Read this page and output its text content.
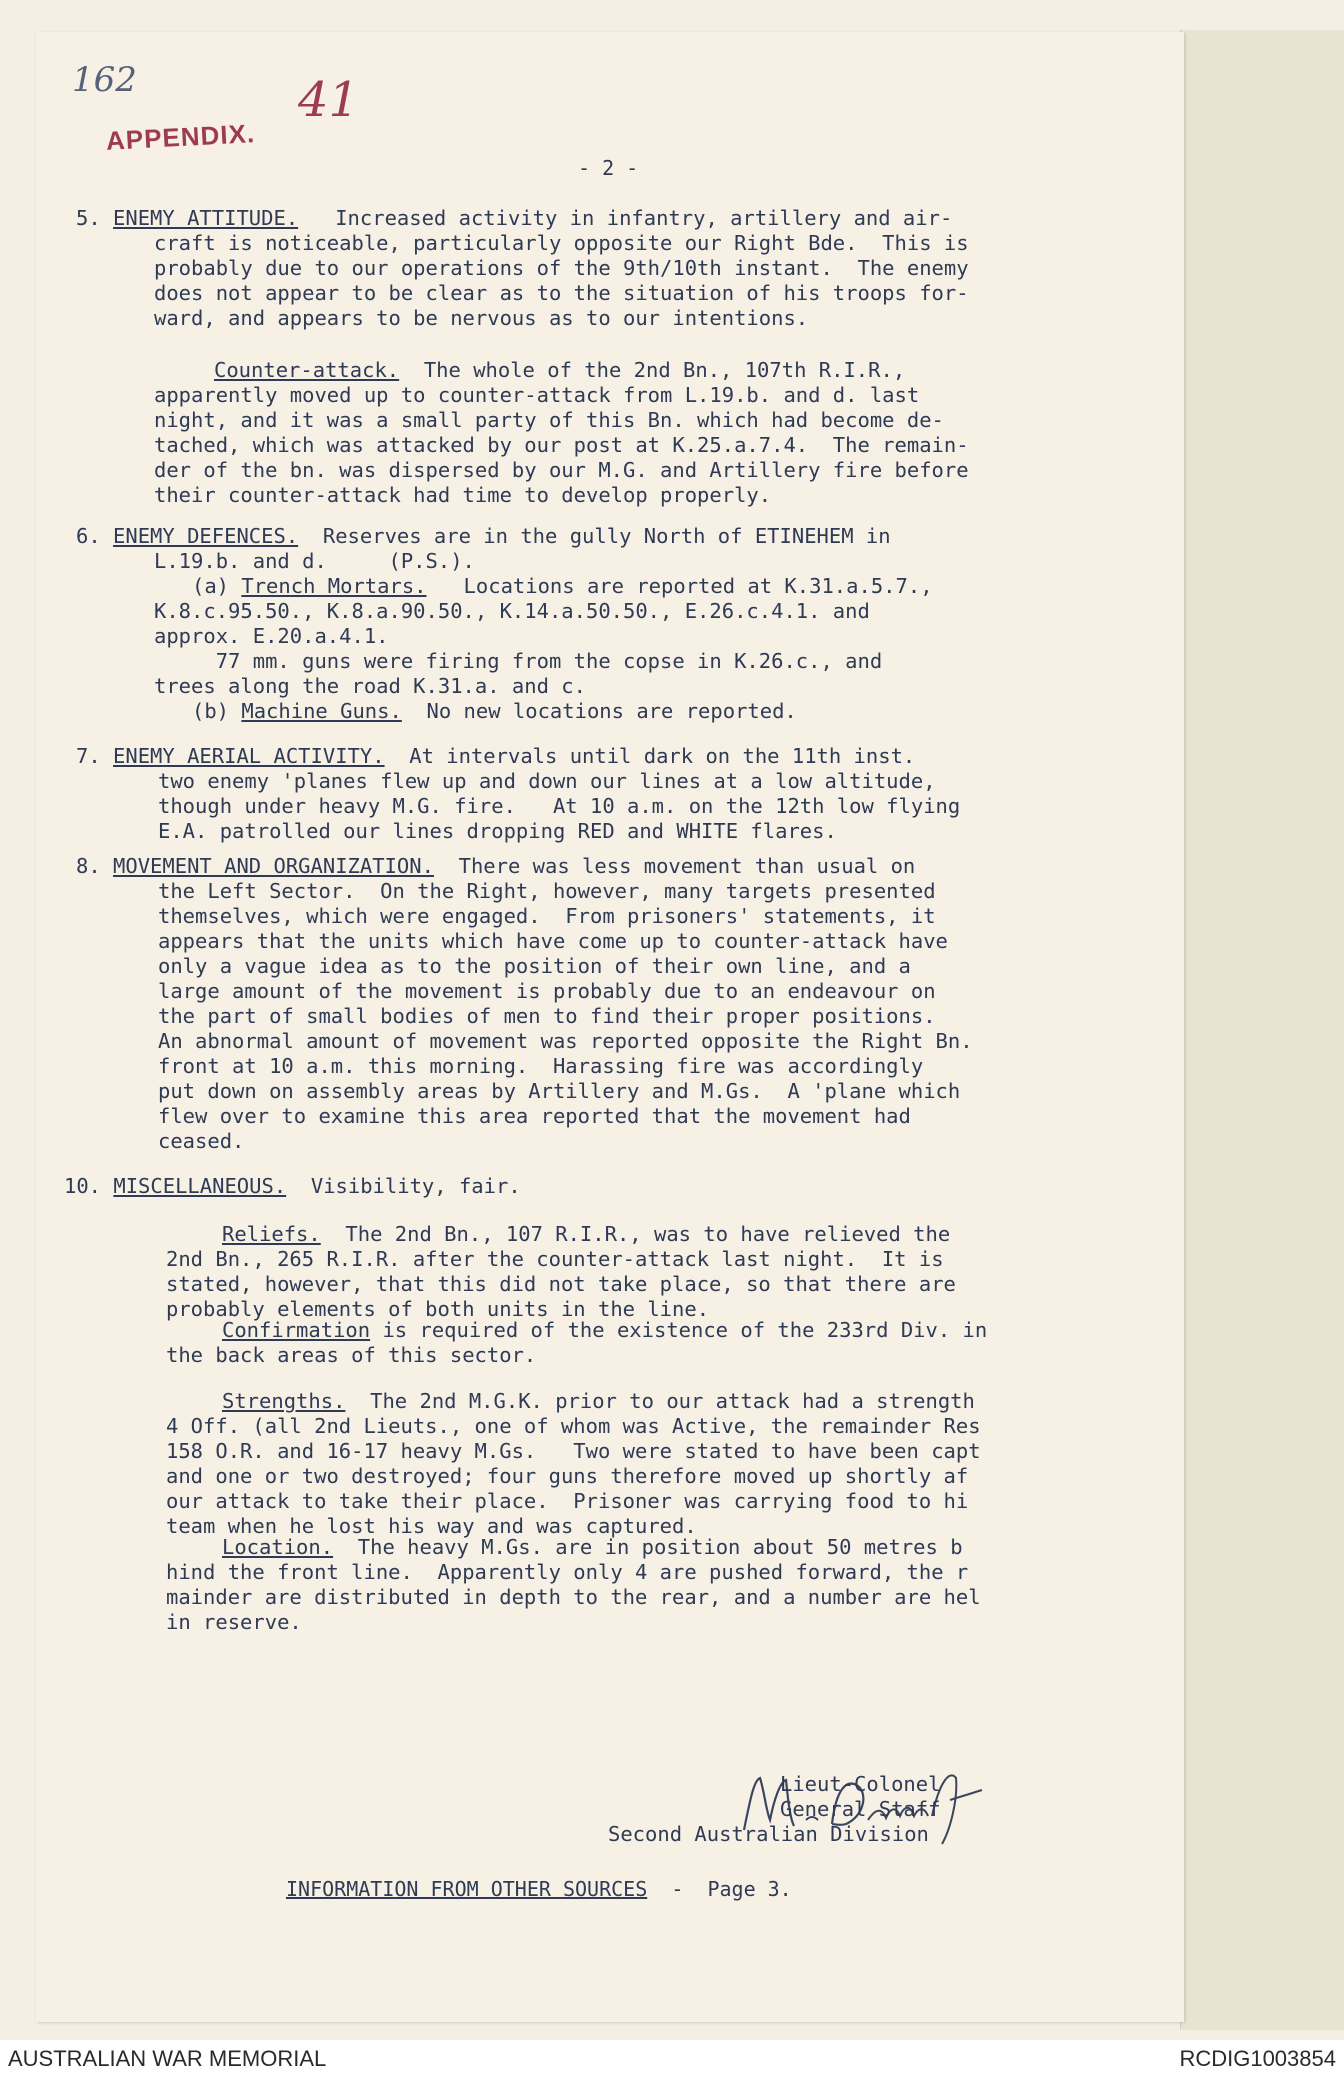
162
APPENDIX.
41
- 2 -
5. ENEMY ATTITUDE.   Increased activity in infantry, artillery and air-
craft is noticeable, particularly opposite our Right Bde.  This is
probably due to our operations of the 9th/10th instant.  The enemy
does not appear to be clear as to the situation of his troops for-
ward, and appears to be nervous as to our intentions.
Counter-attack.  The whole of the 2nd Bn., 107th R.I.R.,
apparently moved up to counter-attack from L.19.b. and d. last
night, and it was a small party of this Bn. which had become de-
tached, which was attacked by our post at K.25.a.7.4.  The remain-
der of the bn. was dispersed by our M.G. and Artillery fire before
their counter-attack had time to develop properly.
6. ENEMY DEFENCES.  Reserves are in the gully North of ETINEHEM in
L.19.b. and d.     (P.S.).
(a) Trench Mortars.   Locations are reported at K.31.a.5.7.,
K.8.c.95.50., K.8.a.90.50., K.14.a.50.50., E.26.c.4.1. and
approx. E.20.a.4.1.
77 mm. guns were firing from the copse in K.26.c., and
trees along the road K.31.a. and c.
(b) Machine Guns.  No new locations are reported.
7. ENEMY AERIAL ACTIVITY.  At intervals until dark on the 11th inst.
two enemy 'planes flew up and down our lines at a low altitude,
though under heavy M.G. fire.   At 10 a.m. on the 12th low flying
E.A. patrolled our lines dropping RED and WHITE flares.
8. MOVEMENT AND ORGANIZATION.  There was less movement than usual on
the Left Sector.  On the Right, however, many targets presented
themselves, which were engaged.  From prisoners' statements, it
appears that the units which have come up to counter-attack have
only a vague idea as to the position of their own line, and a
large amount of the movement is probably due to an endeavour on
the part of small bodies of men to find their proper positions.
An abnormal amount of movement was reported opposite the Right Bn.
front at 10 a.m. this morning.  Harassing fire was accordingly
put down on assembly areas by Artillery and M.Gs.  A 'plane which
flew over to examine this area reported that the movement had
ceased.
10. MISCELLANEOUS.  Visibility, fair.
Reliefs.  The 2nd Bn., 107 R.I.R., was to have relieved the
2nd Bn., 265 R.I.R. after the counter-attack last night.  It is
stated, however, that this did not take place, so that there are
probably elements of both units in the line.
Confirmation is required of the existence of the 233rd Div. in
the back areas of this sector.
Strengths.  The 2nd M.G.K. prior to our attack had a strength
4 Off. (all 2nd Lieuts., one of whom was Active, the remainder Res
158 O.R. and 16-17 heavy M.Gs.   Two were stated to have been capt
and one or two destroyed; four guns therefore moved up shortly af
our attack to take their place.  Prisoner was carrying food to hi
team when he lost his way and was captured.
Location.  The heavy M.Gs. are in position about 50 metres b
hind the front line.  Apparently only 4 are pushed forward, the r
mainder are distributed in depth to the rear, and a number are hel
in reserve.
Lieut-Colonel
General Staff
Second Australian Division
INFORMATION FROM OTHER SOURCES  -  Page 3.
AUSTRALIAN WAR MEMORIAL	RCDIG1003854
